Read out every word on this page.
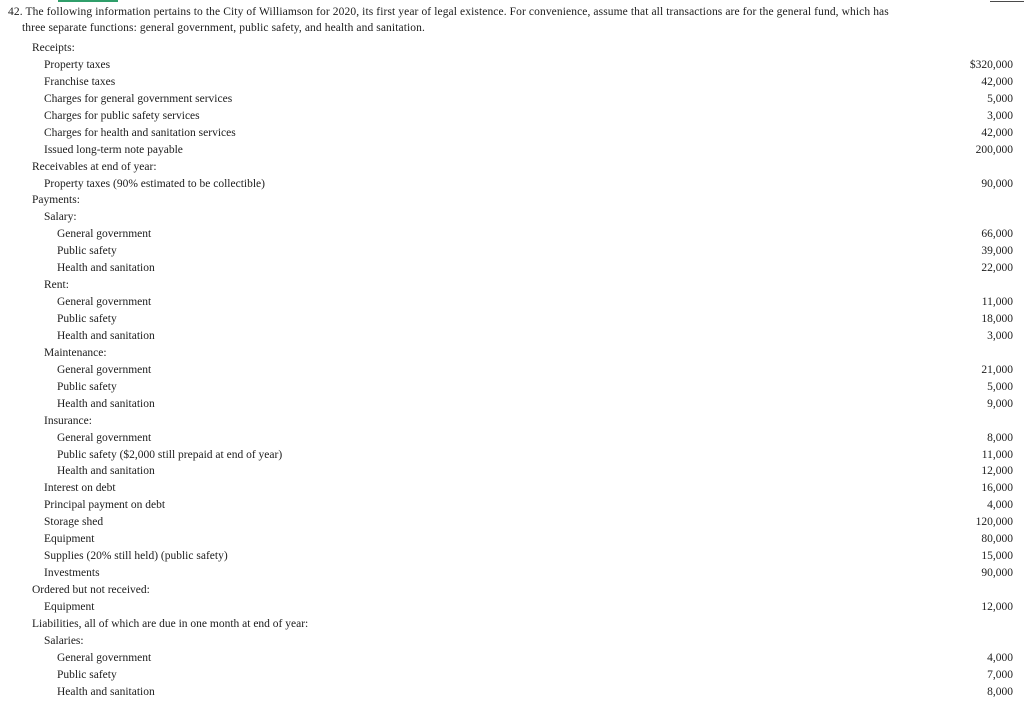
42. The following information pertains to the City of Williamson for 2020, its first year of legal existence. For convenience, assume that all transactions are for the general fund, which has
three separate functions: general government, public safety, and health and sanitation.
Receipts:
Property taxes	$320,000
Franchise taxes	42,000
Charges for general government services	5,000
Charges for public safety services	3,000
Charges for health and sanitation services	42,000
Issued long-term note payable	200,000
Receivables at end of year:
Property taxes (90% estimated to be collectible)	90,000
Payments:
Salary:
General government	66,000
Public safety	39,000
Health and sanitation	22,000
Rent:
General government	11,000
Public safety	18,000
Health and sanitation	3,000
Maintenance:
General government	21,000
Public safety	5,000
Health and sanitation	9,000
Insurance:
General government	8,000
Public safety ($2,000 still prepaid at end of year)	11,000
Health and sanitation	12,000
Interest on debt	16,000
Principal payment on debt	4,000
Storage shed	120,000
Equipment	80,000
Supplies (20% still held) (public safety)	15,000
Investments	90,000
Ordered but not received:
Equipment	12,000
Liabilities, all of which are due in one month at end of year:
Salaries:
General government	4,000
Public safety	7,000
Health and sanitation	8,000
